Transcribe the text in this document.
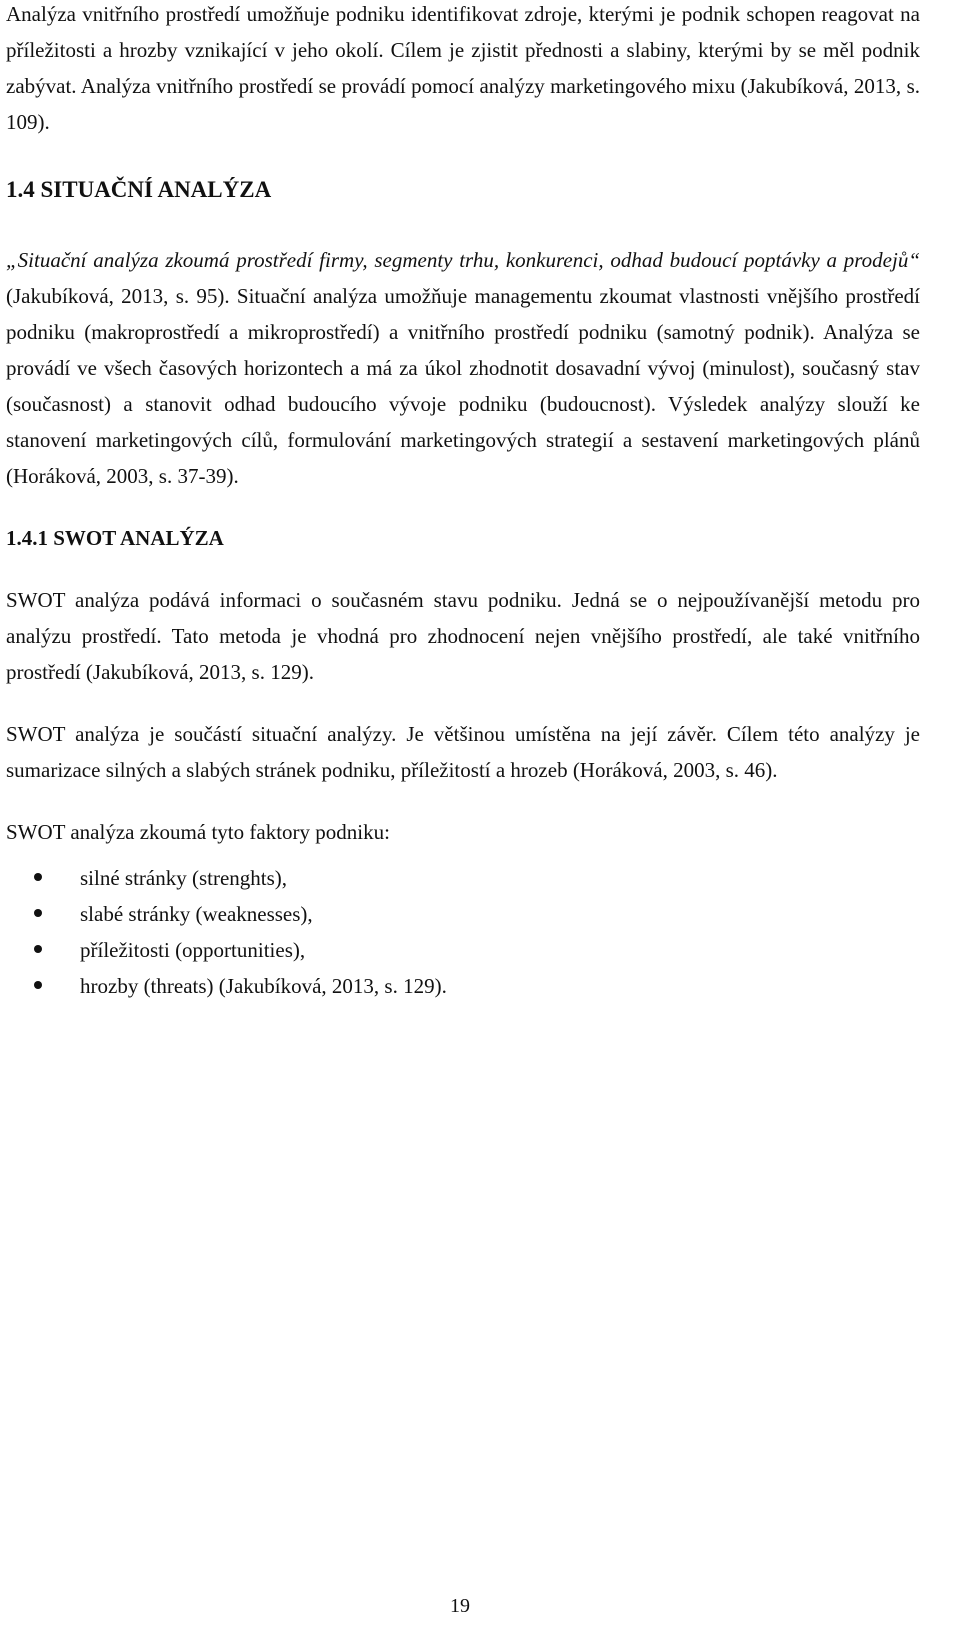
Analýza vnitřního prostředí umožňuje podniku identifikovat zdroje, kterými je podnik schopen reagovat na příležitosti a hrozby vznikající v jeho okolí. Cílem je zjistit přednosti a slabiny, kterými by se měl podnik zabývat. Analýza vnitřního prostředí se provádí pomocí analýzy marketingového mixu (Jakubíková, 2013, s. 109).

1.4 SITUAČNÍ ANALÝZA

„Situační analýza zkoumá prostředí firmy, segmenty trhu, konkurenci, odhad budoucí poptávky a prodejů“ (Jakubíková, 2013, s. 95). Situační analýza umožňuje managementu zkoumat vlastnosti vnějšího prostředí podniku (makroprostředí a mikroprostředí) a vnitřního prostředí podniku (samotný podnik). Analýza se provádí ve všech časových horizontech a má za úkol zhodnotit dosavadní vývoj (minulost), současný stav (současnost) a stanovit odhad budoucího vývoje podniku (budoucnost). Výsledek analýzy slouží ke stanovení marketingových cílů, formulování marketingových strategií a sestavení marketingových plánů (Horáková, 2003, s. 37-39).

1.4.1 SWOT ANALÝZA

SWOT analýza podává informaci o současném stavu podniku. Jedná se o nejpoužívanější metodu pro analýzu prostředí. Tato metoda je vhodná pro zhodnocení nejen vnějšího prostředí, ale také vnitřního prostředí (Jakubíková, 2013, s. 129).

SWOT analýza je součástí situační analýzy. Je většinou umístěna na její závěr. Cílem této analýzy je sumarizace silných a slabých stránek podniku, příležitostí a hrozeb (Horáková, 2003, s. 46).

SWOT analýza zkoumá tyto faktory podniku:

silné stránky (strenghts),
slabé stránky (weaknesses),
příležitosti (opportunities),
hrozby (threats) (Jakubíková, 2013, s. 129).
19
